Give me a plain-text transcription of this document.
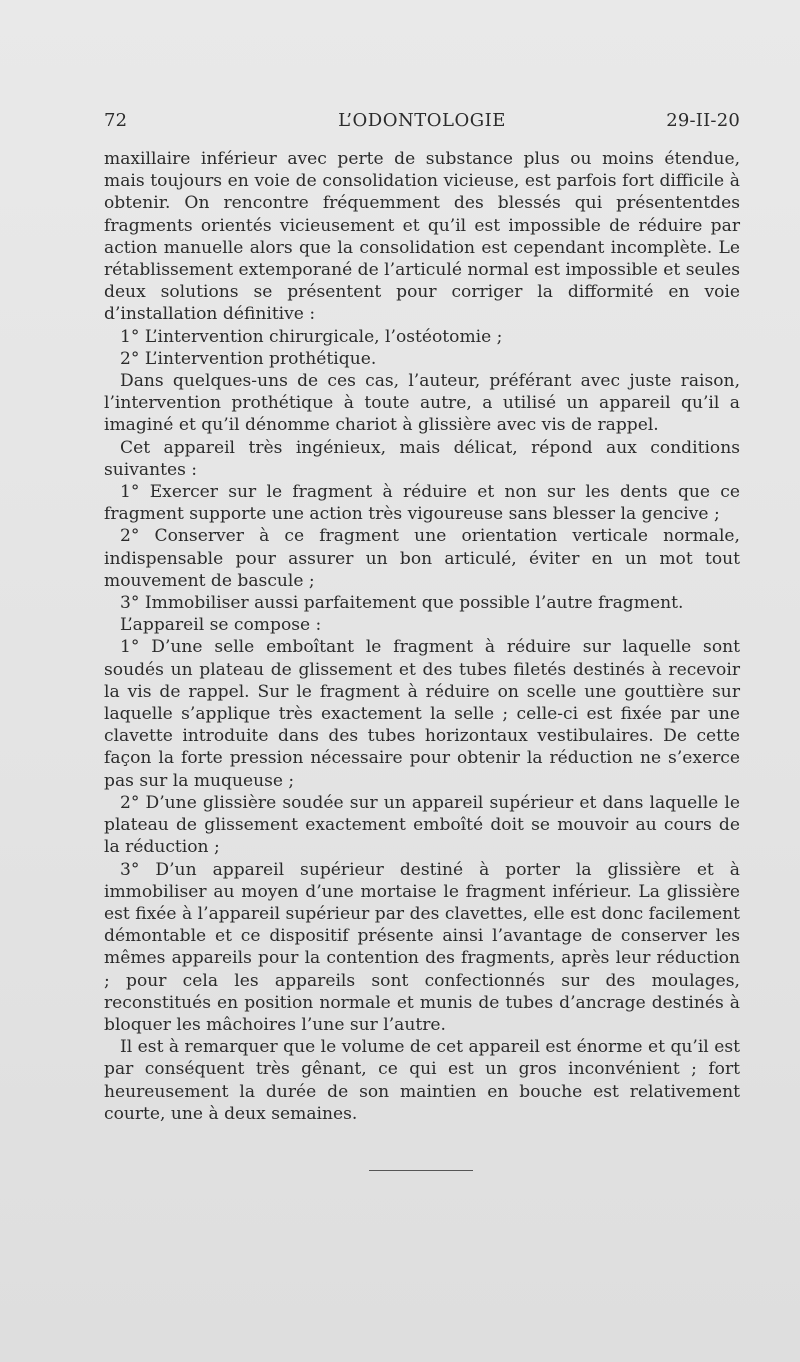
72	L’ODONTOLOGIE	29-II-20

maxillaire inférieur avec perte de substance plus ou moins étendue, mais toujours en voie de consolidation vicieuse, est parfois fort difficile à obtenir. On rencontre fréquemment des blessés qui présententdes fragments orientés vicieusement et qu’il est impossible de réduire par action manuelle alors que la consolidation est cependant incomplète. Le rétablissement extemporané de l’articulé normal est impossible et seules deux solutions se présentent pour corriger la difformité en voie d’installation définitive :

1° L’intervention chirurgicale, l’ostéotomie ;

2° L’intervention prothétique.

Dans quelques-uns de ces cas, l’auteur, préférant avec juste raison, l’intervention prothétique à toute autre, a utilisé un appareil qu’il a imaginé et qu’il dénomme chariot à glissière avec vis de rappel.

Cet appareil très ingénieux, mais délicat, répond aux conditions suivantes :

1° Exercer sur le fragment à réduire et non sur les dents que ce fragment supporte une action très vigoureuse sans blesser la gencive ;

2° Conserver à ce fragment une orientation verticale normale, indispensable pour assurer un bon articulé, éviter en un mot tout mouvement de bascule ;

3° Immobiliser aussi parfaitement que possible l’autre fragment.

L’appareil se compose :

1° D’une selle emboîtant le fragment à réduire sur laquelle sont soudés un plateau de glissement et des tubes filetés destinés à recevoir la vis de rappel. Sur le fragment à réduire on scelle une gouttière sur laquelle s’applique très exactement la selle ; celle-ci est fixée par une clavette introduite dans des tubes horizontaux vestibulaires. De cette façon la forte pression nécessaire pour obtenir la réduction ne s’exerce pas sur la muqueuse ;

2° D’une glissière soudée sur un appareil supérieur et dans laquelle le plateau de glissement exactement emboîté doit se mouvoir au cours de la réduction ;

3° D’un appareil supérieur destiné à porter la glissière et à immobiliser au moyen d’une mortaise le fragment inférieur. La glissière est fixée à l’appareil supérieur par des clavettes, elle est donc facilement démontable et ce dispositif présente ainsi l’avantage de conserver les mêmes appareils pour la contention des fragments, après leur réduction ; pour cela les appareils sont confectionnés sur des moulages, reconstitués en position normale et munis de tubes d’ancrage destinés à bloquer les mâchoires l’une sur l’autre.

Il est à remarquer que le volume de cet appareil est énorme et qu’il est par conséquent très gênant, ce qui est un gros inconvénient ; fort heureusement la durée de son maintien en bouche est relativement courte, une à deux semaines.
